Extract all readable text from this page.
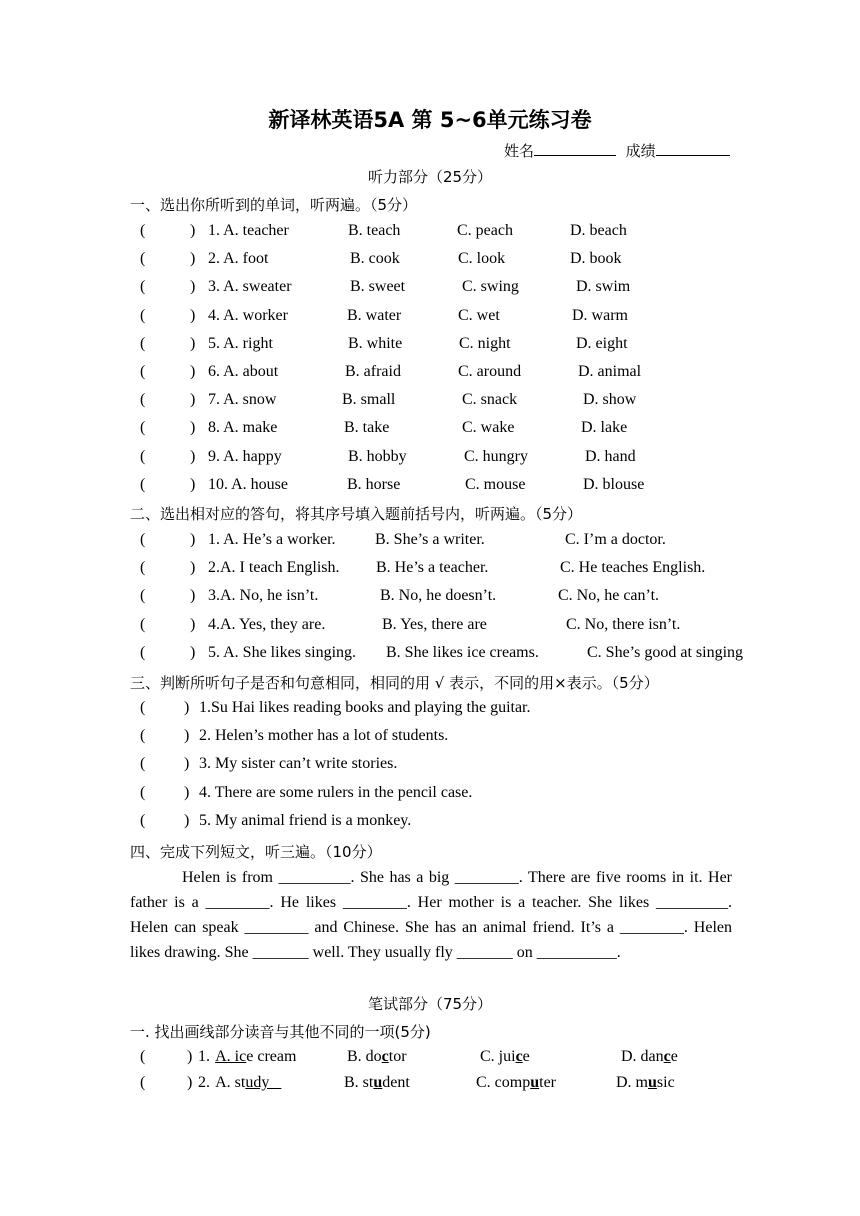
新译林英语5A 第 5~6单元练习卷
姓名	成绩
听力部分（25分）
一、选出你所听到的单词，听两遍。（5分）
(	) 1. A. teacher	B. teach	C. peach	D. beach
(	) 2. A. foot	B. cook	C. look	D. book
(	) 3. A. sweater	B. sweet	C. swing	D. swim
(	) 4. A. worker	B. water	C. wet	D. warm
(	) 5. A. right	B. white	C. night	D. eight
(	) 6. A. about	B. afraid	C. around	D. animal
(	) 7. A. snow	B. small	C. snack	D. show
(	) 8. A. make	B. take	C. wake	D. lake
(	) 9. A. happy	B. hobby	C. hungry	D. hand
(	) 10. A. house	B. horse	C. mouse	D. blouse
二、选出相对应的答句，将其序号填入题前括号内，听两遍。（5分）
(	) 1. A. He’s a worker. B. She’s a writer.	C. I’m a doctor.
(	) 2.A. I teach English. B. He’s a teacher.	C. He teaches English.
(	) 3.A. No, he isn’t.	B. No, he doesn’t.	C. No, he can’t.
(	) 4.A. Yes, they are.	B. Yes, there are	C. No, there isn’t.
(	) 5. A. She likes singing. B. She likes ice creams.	C. She’s good at singing
三、判断所听句子是否和句意相同，相同的用 √ 表示，不同的用×表示。（5分）
( ) 1.Su Hai likes reading books and playing the guitar.
( ) 2. Helen’s mother has a lot of students.
( ) 3. My sister can’t write stories.
( ) 4. There are some rulers in the pencil case.
( ) 5. My animal friend is a monkey.
四、完成下列短文，听三遍。（10分）
Helen is from _________. She has a big ________. There are five rooms in it. Her father is a ________. He likes ________. Her mother is a teacher. She likes _________. Helen can speak ________ and Chinese. She has an animal friend. It’s a ________. Helen likes drawing. She _______ well. They usually fly _______ on __________.
笔试部分（75分）
一. 找出画线部分读音与其他不同的一项(5分)
(	) 1. A. ice cream	B. doctor	C. juice	D. dance
(	) 2. A. study	B. student	C. computer	D. music
